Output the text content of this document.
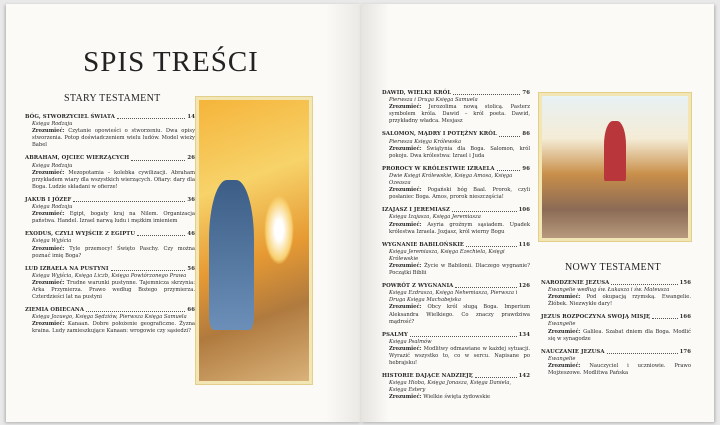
SPIS TREŚCI
STARY TESTAMENT
BÓG, STWORZYCIEL ŚWIATA	14
Księga Rodzaju
Zrozumieć: Czytanie opowieści o stworzeniu. Dwa opisy stworzenia. Potop doświadczeniem wielu ludów. Model wieży Babel
ABRAHAM, OJCIEC WIERZĄCYCH	26
Księga Rodzaju
Zrozumieć: Mezopotamia – kolebka cywilizacji. Abraham przykładem wiary dla wszystkich wierzących. Ofiary: dary dla Boga. Ludzie składani w ofierze!
JAKUB I JÓZEF	36
Księga Rodzaju
Zrozumieć: Egipt, bogaty kraj na Nilem. Organizacja państwa. Handel. Izrael narwą ludu i mężkim imieniem
EXODUS, CZYLI WYJŚCIE Z EGIPTU	46
Księga Wyjścia
Zrozumieć: Tyle przemocy! Święto Paschy. Czy można poznać imię Boga?
LUD IZRAELA NA PUSTYNI	56
Księga Wyjścia, Księga Liczb, Księga Powtórzonego Prawa
Zrozumieć: Trudne warunki pustynne. Tajemnicza skrzynia: Arka Przymierza. Prawo według Bożego przymierza. Czterdzieści lat na pustyni
ZIEMIA OBIECANA	66
Księga Jozuego, Księga Sędziów, Pierwsza Księga Samuela
Zrozumieć: Kanaan. Dobre położenie geograficzne. Żyzna kraina. Ludy zamieszkujące Kanaan: wrogowie czy sąsiedzi?
DAWID, WIELKI KRÓL	76
Pierwsza i Druga Księga Samuela
Zrozumieć: Jerozolima nową stolicą. Pasterz symbolem króla. Dawid – król poeta. Dawid, przykładny władca. Mesjasz
SALOMON, MĄDRY I POTĘŻNY KRÓL	86
Pierwsza Księga Królewska
Zrozumieć: Świątynia dla Boga. Salomon, król pokoju. Dwa królestwa: Izrael i Juda
PROROCY W KRÓLESTWIE IZRAELA	96
Dwie Księgi Królewskie, Księga Amosa, Księga Ozeasza
Zrozumieć: Pogański bóg Baal. Prorok, czyli posłaniec Boga. Amos, prorok nieszczęścia!
IZAJASZ I JEREMIASZ	106
Księga Izajasza, Księga Jeremiasza
Zrozumieć: Asyria groźnym sąsiadem. Upadek królestwa Izraela. Jozjasz, król wierny Bogu
WYGNANIE BABILOŃSKIE	116
Księga Jeremiasza, Księga Ezechiela, Księgi Królewskie
Zrozumieć: Życie w Babilonii. Dlaczego wygnanie? Początki Biblii
POWRÓT Z WYGNANIA	126
Księga Ezdrasza, Księga Nehemiasza, Pierwsza i Druga Księga Machabejska
Zrozumieć: Obcy król sługą Boga. Imperium Aleksandra Wielkiego. Co znaczy prawdziwa mądrość?
PSALMY	134
Księga Psalmów
Zrozumieć: Modlitwy odmawiane w każdej sytuacji. Wyrazić wszystko to, co w sercu. Napisane po hebrajsku!
HISTORIE DAJĄCE NADZIEJĘ	142
Księga Hioba, Księga Jonasza, Księga Daniela, Księga Estery
Zrozumieć: Wielkie święta żydowskie
NOWY TESTAMENT
NARODZENIE JEZUSA	156
Ewangelie według św. Łukasza i św. Mateusza
Zrozumieć: Pod okupacją rzymską. Ewangelie. Żłóbek. Niezwykłe dary!
JEZUS ROZPOCZYNA SWOJĄ MISJĘ	166
Ewangelie
Zrozumieć: Galilea. Szabat dniem dla Boga. Modlić się w synagodze
NAUCZANIE JEZUSA	176
Ewangelie
Zrozumieć: Nauczyciel i uczniowie. Prawo Mojżeszowe. Modlitwa Pańska
